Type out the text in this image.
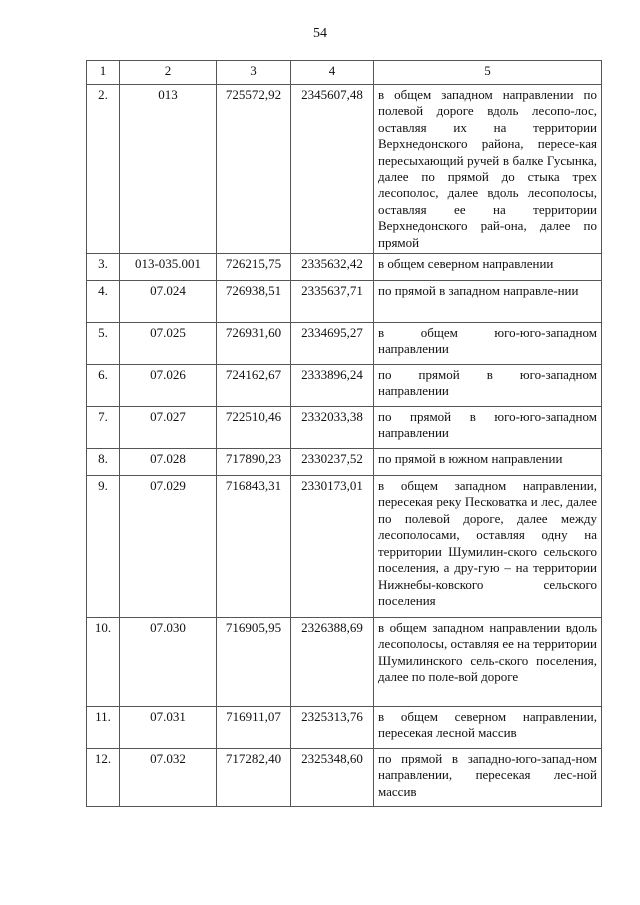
54
1	2	3	4	5
2.	013	725572,92	2345607,48	в общем западном направлении по полевой дороге вдоль лесопо-лос, оставляя их на территории Верхнедонского района, пересе-кая пересыхающий ручей в балке Гусынка, далее по прямой до стыка трех лесополос, далее вдоль лесополосы, оставляя ее на территории Верхнедонского рай-она, далее по прямой
3.	013-035.001	726215,75	2335632,42	в общем северном направлении
4.	07.024	726938,51	2335637,71	по прямой в западном направле-нии
5.	07.025	726931,60	2334695,27	в общем юго-юго-западном направлении
6.	07.026	724162,67	2333896,24	по прямой в юго-западном направлении
7.	07.027	722510,46	2332033,38	по прямой в юго-юго-западном направлении
8.	07.028	717890,23	2330237,52	по прямой в южном направлении
9.	07.029	716843,31	2330173,01	в общем западном направлении, пересекая реку Песковатка и лес, далее по полевой дороге, далее между лесополосами, оставляя одну на территории Шумилин-ского сельского поселения, а дру-гую – на территории Нижнебы-ковского сельского поселения
10.	07.030	716905,95	2326388,69	в общем западном направлении вдоль лесополосы, оставляя ее на территории Шумилинского сель-ского поселения, далее по поле-вой дороге
11.	07.031	716911,07	2325313,76	в общем северном направлении, пересекая лесной массив
12.	07.032	717282,40	2325348,60	по прямой в западно-юго-запад-ном направлении, пересекая лес-ной массив
